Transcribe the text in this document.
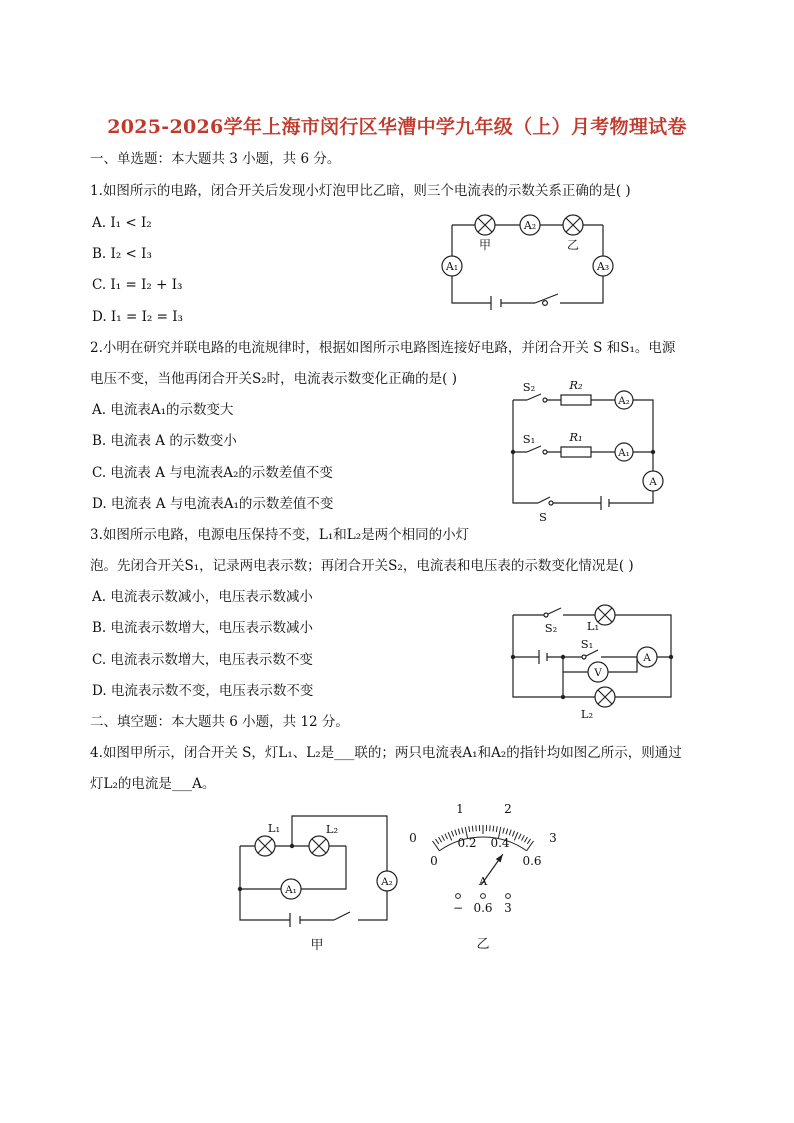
2025-2026学年上海市闵行区华漕中学九年级（上）月考物理试卷
一、单选题：本大题共 3 小题，共 6 分。
1.如图所示的电路，闭合开关后发现小灯泡甲比乙暗，则三个电流表的示数关系正确的是( )
A. I₁ < I₂
B. I₂ < I₃
C. I₁ = I₂ + I₃
D. I₁ = I₂ = I₃
A₂
A₁	A₃
甲	乙
2.小明在研究并联电路的电流规律时，根据如图所示电路图连接好电路，并闭合开关 S 和S₁。电源
电压不变，当他再闭合开关S₂时，电流表示数变化正确的是( )
A. 电流表A₁的示数变大
B. 电流表 A 的示数变小
C. 电流表 A 与电流表A₂的示数差值不变
D. 电流表 A 与电流表A₁的示数差值不变
S₂	R₂
A₂
S₁	R₁
A₁
A
S
3.如图所示电路，电源电压保持不变，L₁和L₂是两个相同的小灯
泡。先闭合开关S₁，记录两电表示数；再闭合开关S₂，电流表和电压表的示数变化情况是( )
A. 电流表示数减小，电压表示数减小
B. 电流表示数增大，电压表示数减小
C. 电流表示数增大，电压表示数不变
D. 电流表示数不变，电压表示数不变
S₂	L₁
S₁
A
V
L₂
二、填空题：本大题共 6 小题，共 12 分。
4.如图甲所示，闭合开关 S，灯L₁、L₂是___联的；两只电流表A₁和A₂的指针均如图乙所示，则通过
灯L₂的电流是___A。
L₁	L₂
A₁
A₂
甲
0
1	2
3
0
0.2 0.4
0.6
A
− 0.6 3
乙
